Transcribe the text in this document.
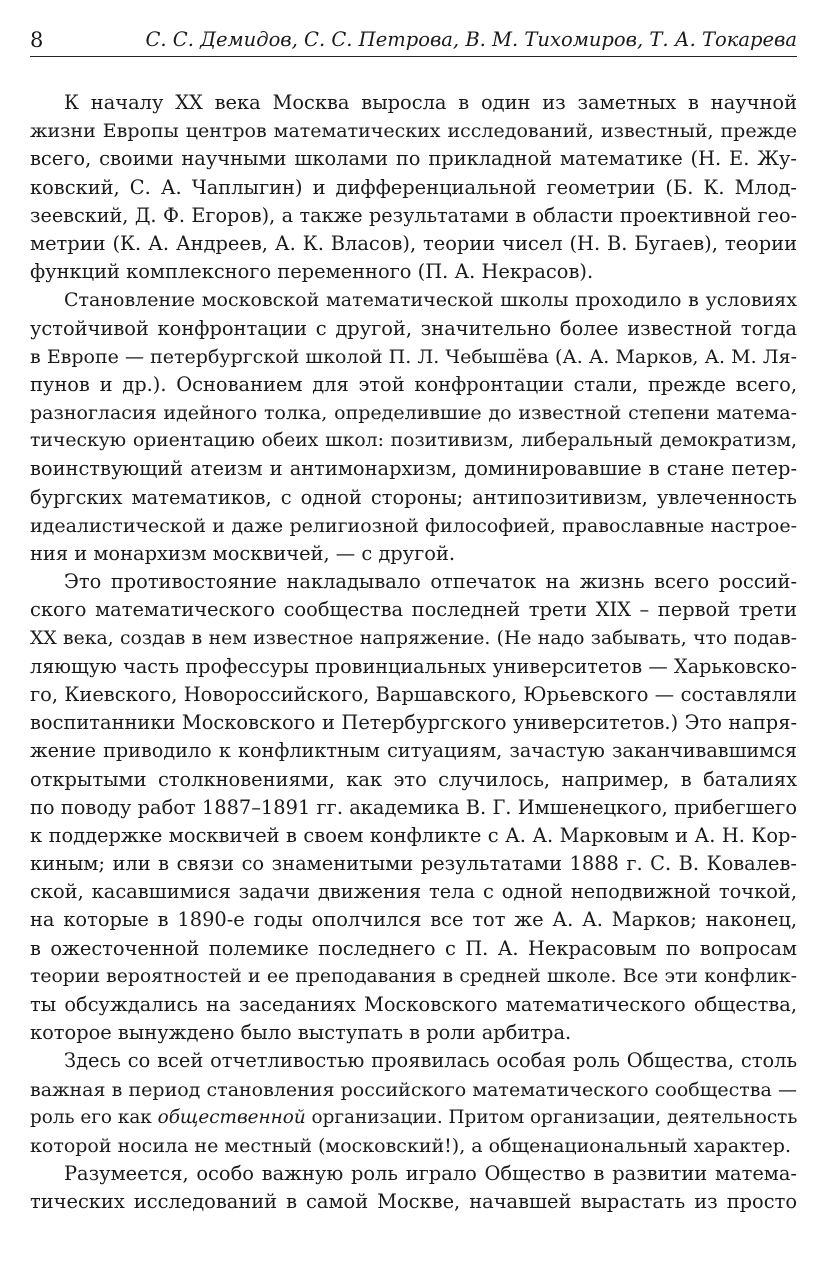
8	С. С. Демидов, С. С. Петрова, В. М. Тихомиров, Т. А. Токарева
К началу XX века Москва выросла в один из заметных в научной
жизни Европы центров математических исследований, известный, прежде
всего, своими научными школами по прикладной математике (Н. Е. Жу-
ковский, С. А. Чаплыгин) и дифференциальной геометрии (Б. К. Млод-
зеевский, Д. Ф. Егоров), а также результатами в области проективной гео-
метрии (К. А. Андреев, А. К. Власов), теории чисел (Н. В. Бугаев), теории
функций комплексного переменного (П. А. Некрасов).
Становление московской математической школы проходило в условиях
устойчивой конфронтации с другой, значительно более известной тогда
в Европе — петербургской школой П. Л. Чебышёва (А. А. Марков, А. М. Ля-
пунов и др.). Основанием для этой конфронтации стали, прежде всего,
разногласия идейного толка, определившие до известной степени матема-
тическую ориентацию обеих школ: позитивизм, либеральный демократизм,
воинствующий атеизм и антимонархизм, доминировавшие в стане петер-
бургских математиков, с одной стороны; антипозитивизм, увлеченность
идеалистической и даже религиозной философией, православные настрое-
ния и монархизм москвичей, — с другой.
Это противостояние накладывало отпечаток на жизнь всего россий-
ского математического сообщества последней трети XIX – первой трети
XX века, создав в нем известное напряжение. (Не надо забывать, что подав-
ляющую часть профессуры провинциальных университетов — Харьковско-
го, Киевского, Новороссийского, Варшавского, Юрьевского — составляли
воспитанники Московского и Петербургского университетов.) Это напря-
жение приводило к конфликтным ситуациям, зачастую заканчивавшимся
открытыми столкновениями, как это случилось, например, в баталиях
по поводу работ 1887–1891 гг. академика В. Г. Имшенецкого, прибегшего
к поддержке москвичей в своем конфликте с А. А. Марковым и А. Н. Кор-
киным; или в связи со знаменитыми результатами 1888 г. С. В. Ковалев-
ской, касавшимися задачи движения тела с одной неподвижной точкой,
на которые в 1890-е годы ополчился все тот же А. А. Марков; наконец,
в ожесточенной полемике последнего с П. А. Некрасовым по вопросам
теории вероятностей и ее преподавания в средней школе. Все эти конфлик-
ты обсуждались на заседаниях Московского математического общества,
которое вынуждено было выступать в роли арбитра.
Здесь со всей отчетливостью проявилась особая роль Общества, столь
важная в период становления российского математического сообщества —
роль его как общественной организации. Притом организации, деятельность
которой носила не местный (московский!), а общенациональный характер.
Разумеется, особо важную роль играло Общество в развитии матема-
тических исследований в самой Москве, начавшей вырастать из просто
